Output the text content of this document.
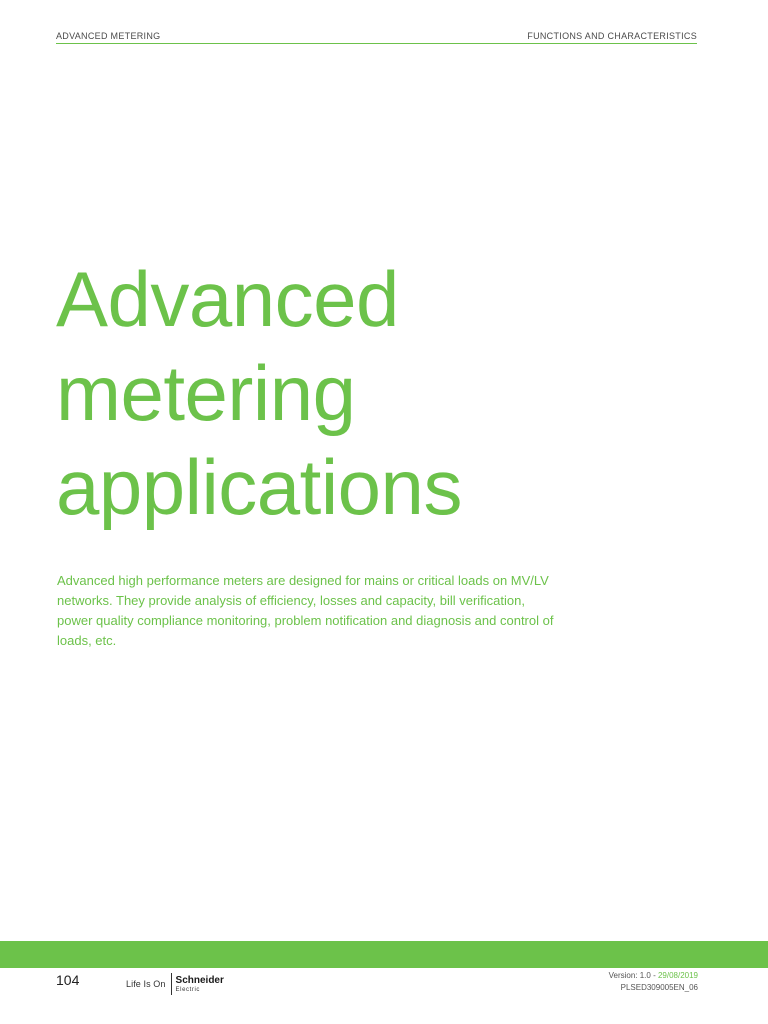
ADVANCED METERING	FUNCTIONS AND CHARACTERISTICS
Advanced
metering
applications

Advanced high performance meters are designed for mains or critical loads on MV/LV networks. They provide analysis of efficiency, losses and capacity, bill verification, power quality compliance monitoring, problem notification and diagnosis and control of loads, etc.

104	Life Is On Schneider
Electric
Version: 1.0 - 29/08/2019
PLSED309005EN_06
